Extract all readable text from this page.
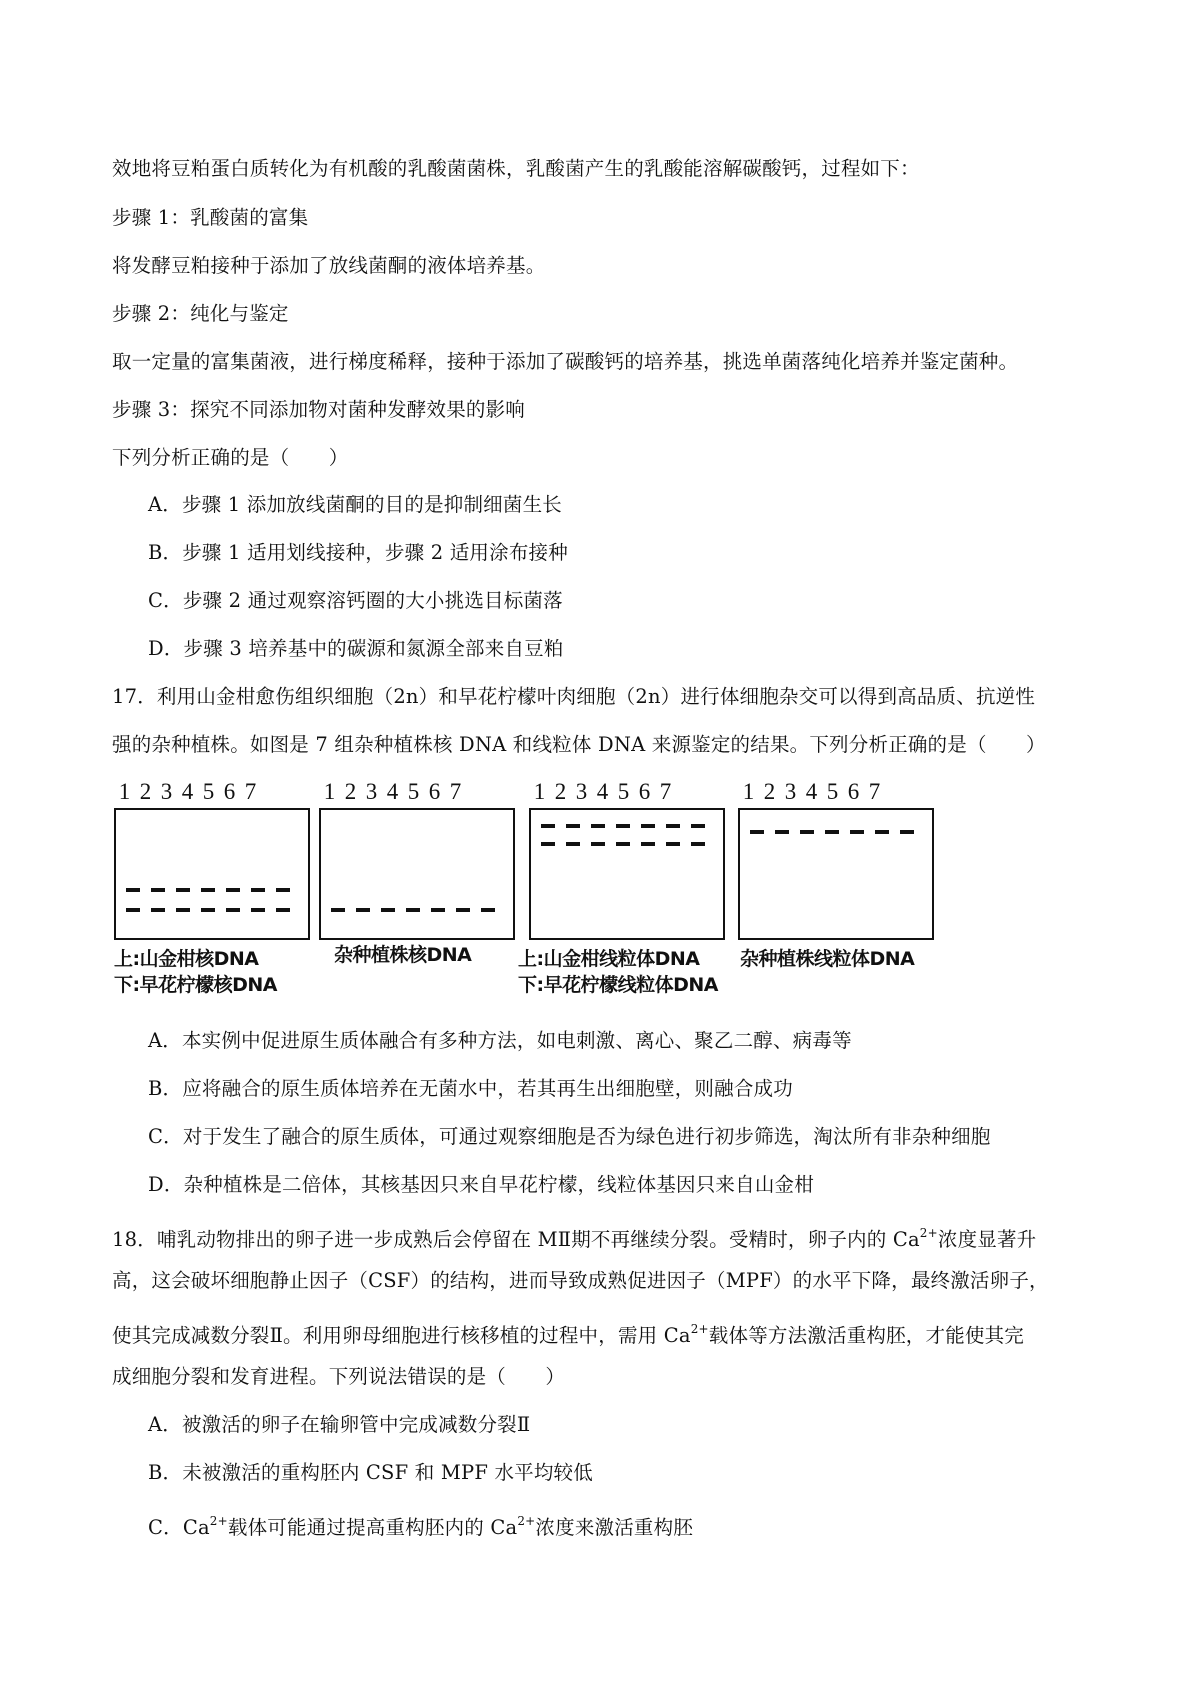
效地将豆粕蛋白质转化为有机酸的乳酸菌菌株，乳酸菌产生的乳酸能溶解碳酸钙，过程如下：
步骤 1：乳酸菌的富集
将发酵豆粕接种于添加了放线菌酮的液体培养基。
步骤 2：纯化与鉴定
取一定量的富集菌液，进行梯度稀释，接种于添加了碳酸钙的培养基，挑选单菌落纯化培养并鉴定菌种。
步骤 3：探究不同添加物对菌种发酵效果的影响
下列分析正确的是（　　）
A．步骤 1 添加放线菌酮的目的是抑制细菌生长
B．步骤 1 适用划线接种，步骤 2 适用涂布接种
C．步骤 2 通过观察溶钙圈的大小挑选目标菌落
D．步骤 3 培养基中的碳源和氮源全部来自豆粕
17．利用山金柑愈伤组织细胞（2n）和早花柠檬叶肉细胞（2n）进行体细胞杂交可以得到高品质、抗逆性
强的杂种植株。如图是 7 组杂种植株核 DNA 和线粒体 DNA 来源鉴定的结果。下列分析正确的是（　　）
1 2 3 4 5 6 7	1 2 3 4 5 6 7	1 2 3 4 5 6 7	1 2 3 4 5 6 7
上:山金柑核DNA
下:早花柠檬核DNA
杂种植株核DNA 上:山金柑线粒体DNA
下:早花柠檬线粒体DNA
杂种植株线粒体DNA
A．本实例中促进原生质体融合有多种方法，如电刺激、离心、聚乙二醇、病毒等
B．应将融合的原生质体培养在无菌水中，若其再生出细胞壁，则融合成功
C．对于发生了融合的原生质体，可通过观察细胞是否为绿色进行初步筛选，淘汰所有非杂种细胞
D．杂种植株是二倍体，其核基因只来自早花柠檬，线粒体基因只来自山金柑
18．哺乳动物排出的卵子进一步成熟后会停留在 MⅡ期不再继续分裂。受精时，卵子内的 $Ca^{2+}$浓度显著升
高，这会破坏细胞静止因子（CSF）的结构，进而导致成熟促进因子（MPF）的水平下降，最终激活卵子，
使其完成减数分裂Ⅱ。利用卵母细胞进行核移植的过程中，需用 $Ca^{2+}$载体等方法激活重构胚，才能使其完
成细胞分裂和发育进程。下列说法错误的是（　　）
A．被激活的卵子在输卵管中完成减数分裂Ⅱ
B．未被激活的重构胚内 CSF 和 MPF 水平均较低
C．$Ca^{2+}$载体可能通过提高重构胚内的 $Ca^{2+}$浓度来激活重构胚
